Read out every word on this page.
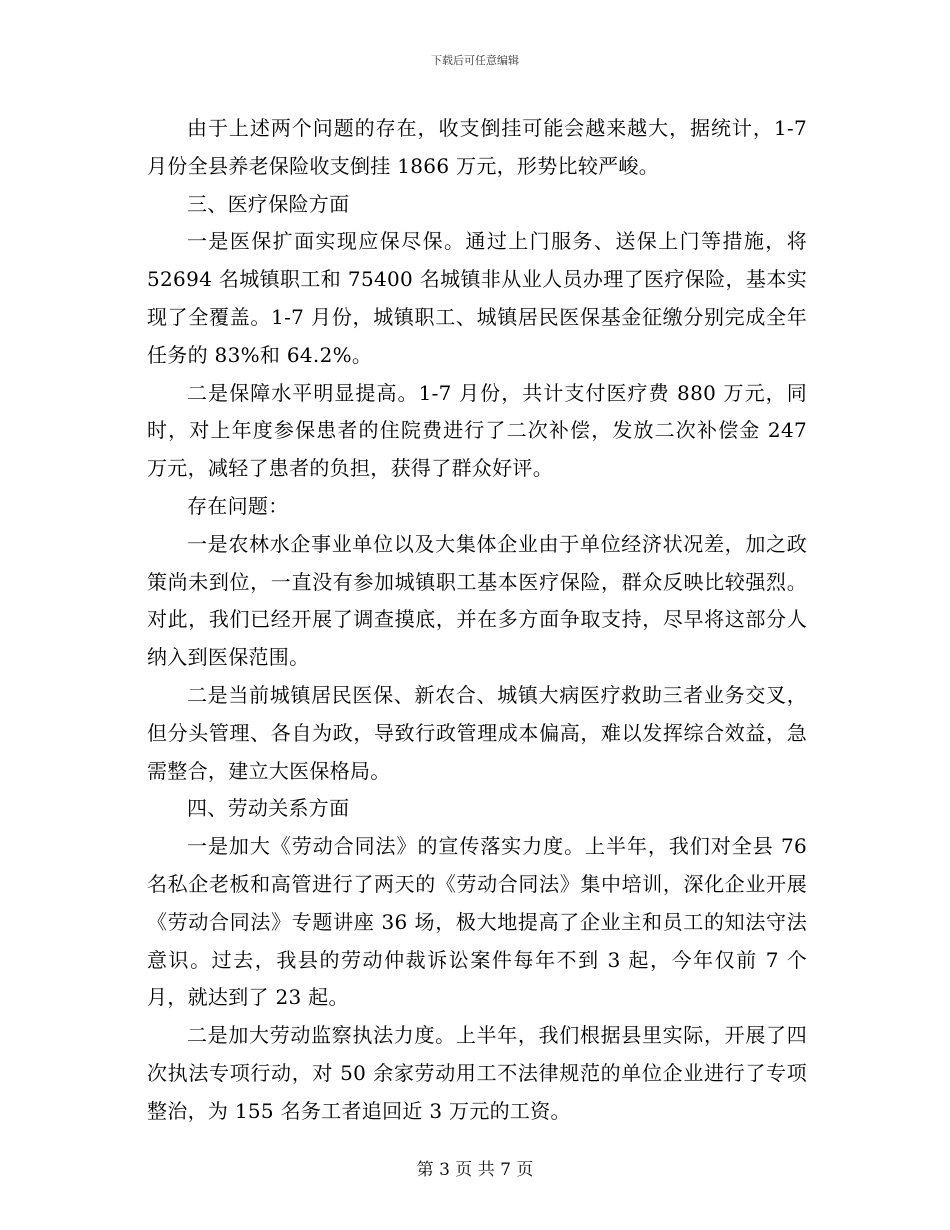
下载后可任意编辑

由于上述两个问题的存在，收支倒挂可能会越来越大，据统计，1-7 月份全县养老保险收支倒挂 1866 万元，形势比较严峻。

三、医疗保险方面

一是医保扩面实现应保尽保。通过上门服务、送保上门等措施，将 52694 名城镇职工和 75400 名城镇非从业人员办理了医疗保险，基本实现了全覆盖。1-7 月份，城镇职工、城镇居民医保基金征缴分别完成全年任务的 83%和 64.2%。

二是保障水平明显提高。1-7 月份，共计支付医疗费 880 万元，同时，对上年度参保患者的住院费进行了二次补偿，发放二次补偿金 247 万元，减轻了患者的负担，获得了群众好评。

存在问题：

一是农林水企事业单位以及大集体企业由于单位经济状况差，加之政策尚未到位，一直没有参加城镇职工基本医疗保险，群众反映比较强烈。对此，我们已经开展了调查摸底，并在多方面争取支持，尽早将这部分人纳入到医保范围。

二是当前城镇居民医保、新农合、城镇大病医疗救助三者业务交叉，但分头管理、各自为政，导致行政管理成本偏高，难以发挥综合效益，急需整合，建立大医保格局。

四、劳动关系方面

一是加大《劳动合同法》的宣传落实力度。上半年，我们对全县 76 名私企老板和高管进行了两天的《劳动合同法》集中培训，深化企业开展《劳动合同法》专题讲座 36 场，极大地提高了企业主和员工的知法守法意识。过去，我县的劳动仲裁诉讼案件每年不到 3 起，今年仅前 7 个月，就达到了 23 起。

二是加大劳动监察执法力度。上半年，我们根据县里实际，开展了四次执法专项行动，对 50 余家劳动用工不法律规范的单位企业进行了专项整治，为 155 名务工者追回近 3 万元的工资。

第 3 页 共 7 页
